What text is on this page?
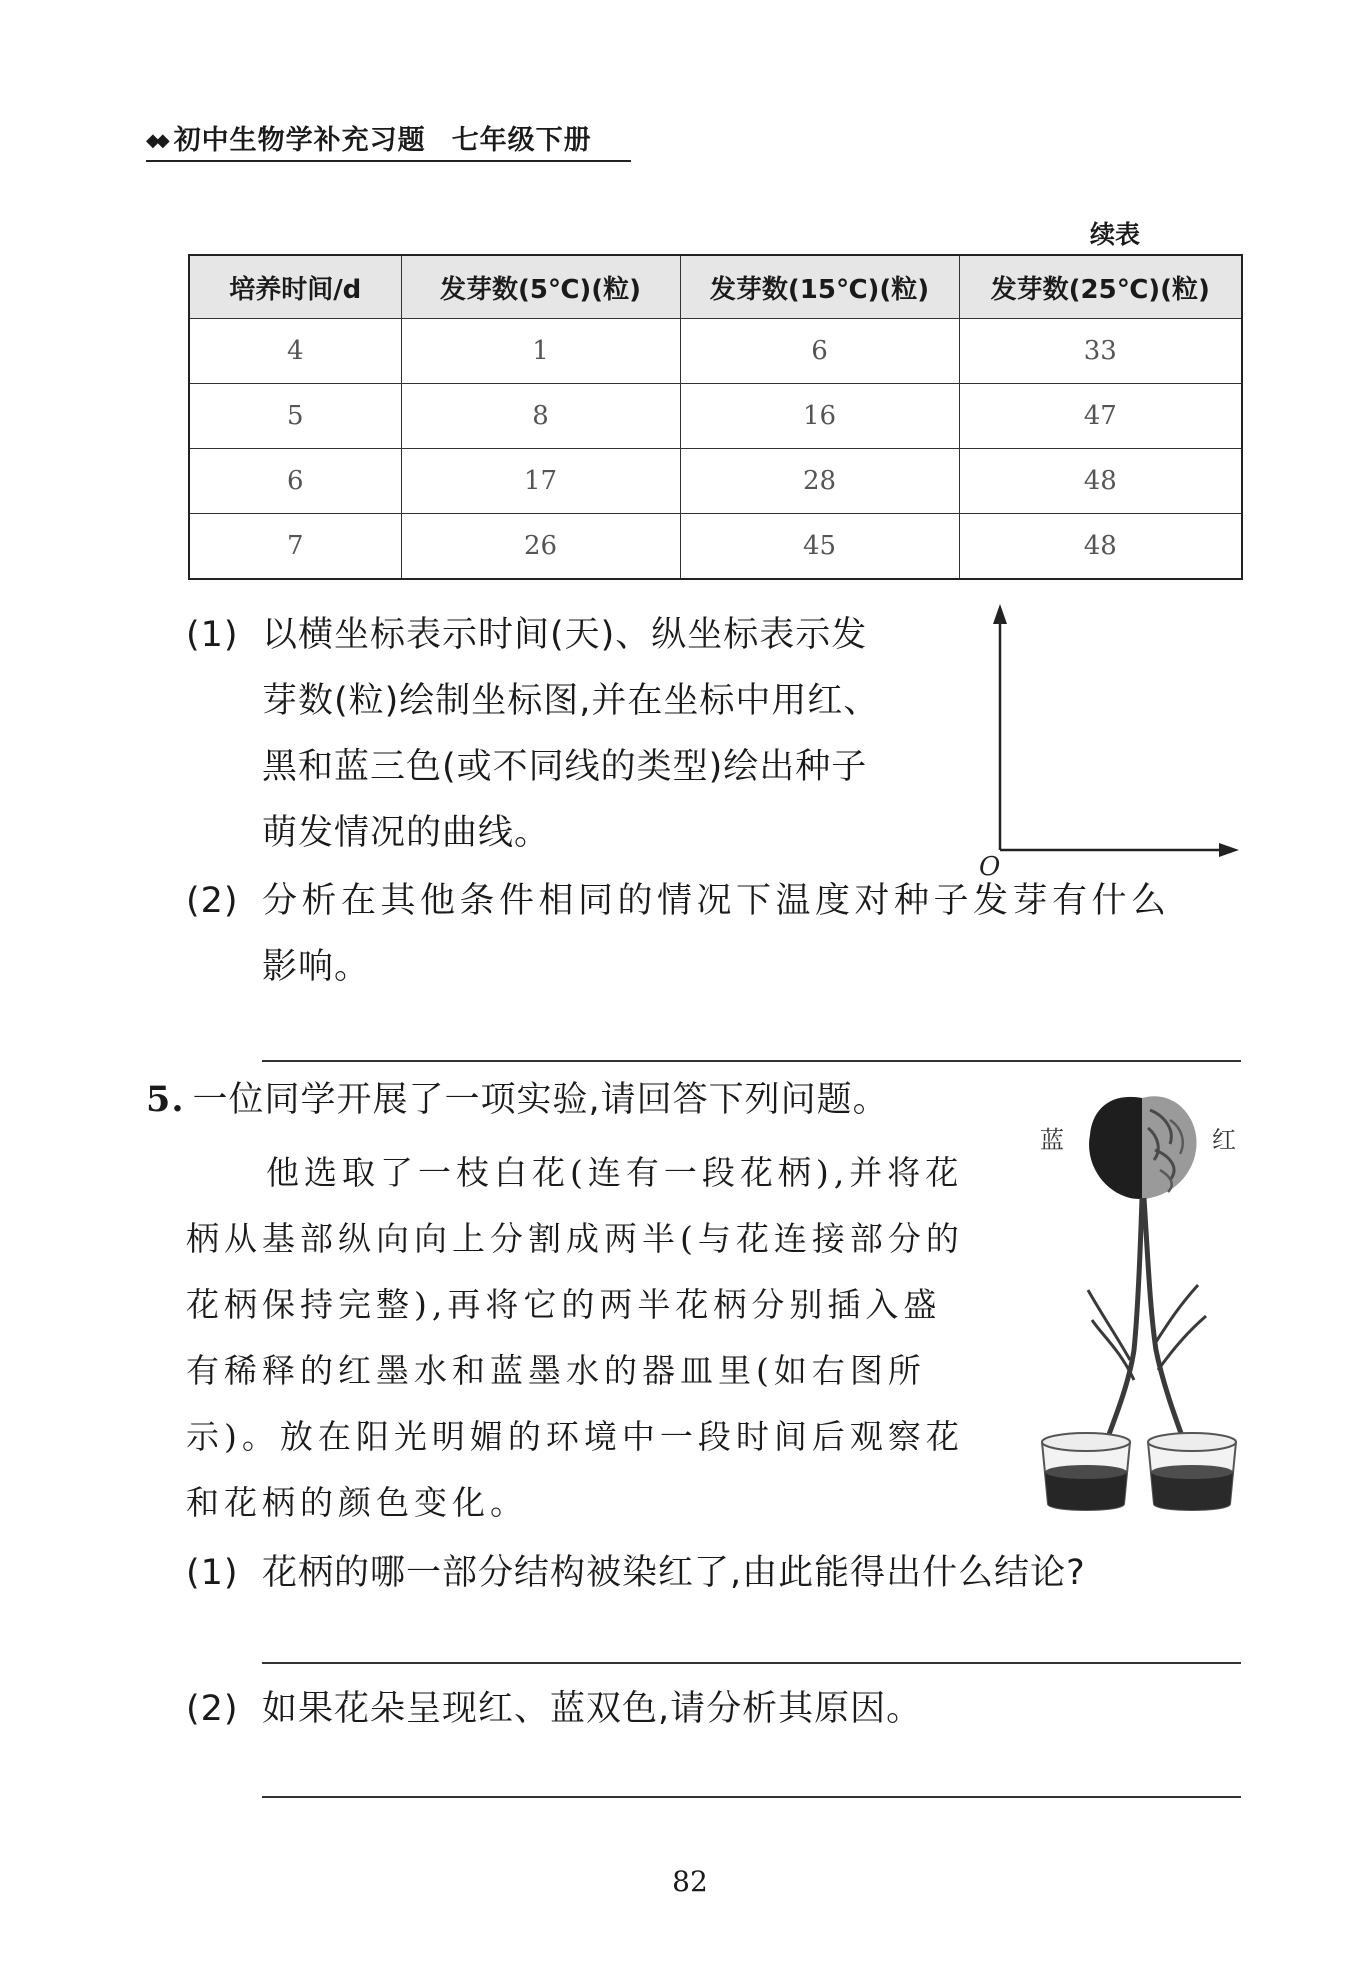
◆◆ 初中生物学补充习题 七年级下册
续表
培养时间/d	发芽数(5℃)(粒)	发芽数(15℃)(粒)	发芽数(25℃)(粒)
4	1	6	33
5	8	16	47
6	17	28	48
7	26	45	48
(1) 以横坐标表示时间(天)、纵坐标表示发
芽数(粒)绘制坐标图,并在坐标中用红、
黑和蓝三色(或不同线的类型)绘出种子
萌发情况的曲线。
O
(2) 分析在其他条件相同的情况下温度对种子发芽有什么
影响。
5. 一位同学开展了一项实验,请回答下列问题。
他选取了一枝白花(连有一段花柄),并将花
柄从基部纵向向上分割成两半(与花连接部分的
花柄保持完整),再将它的两半花柄分别插入盛
有稀释的红墨水和蓝墨水的器皿里(如右图所
示)。放在阳光明媚的环境中一段时间后观察花
和花柄的颜色变化。
蓝	红
(1) 花柄的哪一部分结构被染红了,由此能得出什么结论?
(2) 如果花朵呈现红、蓝双色,请分析其原因。
82
